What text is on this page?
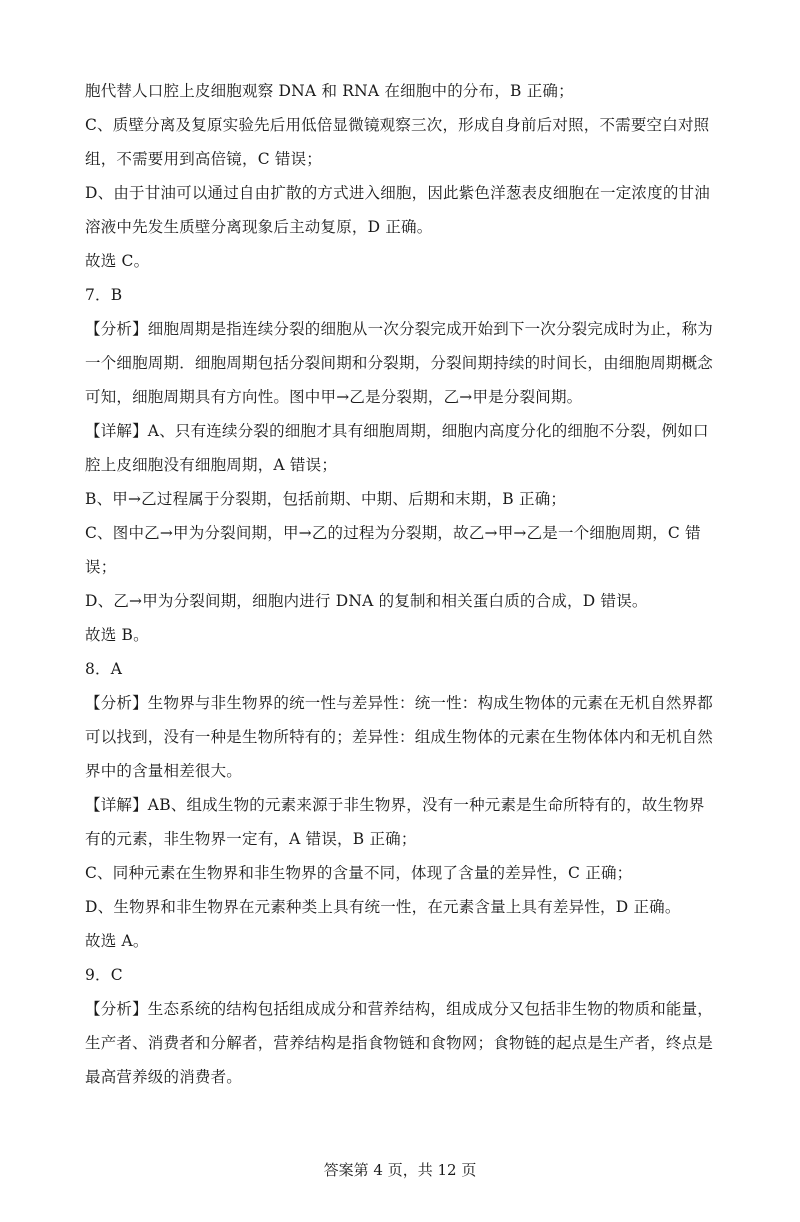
胞代替人口腔上皮细胞观察 DNA 和 RNA 在细胞中的分布，B 正确；

C、质壁分离及复原实验先后用低倍显微镜观察三次，形成自身前后对照，不需要空白对照

组，不需要用到高倍镜，C 错误；

D、由于甘油可以通过自由扩散的方式进入细胞，因此紫色洋葱表皮细胞在一定浓度的甘油

溶液中先发生质壁分离现象后主动复原，D 正确。

故选 C。

7．B

【分析】细胞周期是指连续分裂的细胞从一次分裂完成开始到下一次分裂完成时为止，称为

一个细胞周期．细胞周期包括分裂间期和分裂期，分裂间期持续的时间长，由细胞周期概念

可知，细胞周期具有方向性。图中甲→乙是分裂期，乙→甲是分裂间期。

【详解】A、只有连续分裂的细胞才具有细胞周期，细胞内高度分化的细胞不分裂，例如口

腔上皮细胞没有细胞周期，A 错误；

B、甲→乙过程属于分裂期，包括前期、中期、后期和末期，B 正确；

C、图中乙→甲为分裂间期，甲→乙的过程为分裂期，故乙→甲→乙是一个细胞周期，C 错

误；

D、乙→甲为分裂间期，细胞内进行 DNA 的复制和相关蛋白质的合成，D 错误。

故选 B。

8．A

【分析】生物界与非生物界的统一性与差异性：统一性：构成生物体的元素在无机自然界都

可以找到，没有一种是生物所特有的；差异性：组成生物体的元素在生物体体内和无机自然

界中的含量相差很大。

【详解】AB、组成生物的元素来源于非生物界，没有一种元素是生命所特有的，故生物界

有的元素，非生物界一定有，A 错误，B 正确；

C、同种元素在生物界和非生物界的含量不同，体现了含量的差异性，C 正确；

D、生物界和非生物界在元素种类上具有统一性，在元素含量上具有差异性，D 正确。

故选 A。

9．C

【分析】生态系统的结构包括组成成分和营养结构，组成成分又包括非生物的物质和能量，

生产者、消费者和分解者，营养结构是指食物链和食物网；食物链的起点是生产者，终点是

最高营养级的消费者。

答案第 4 页，共 12 页
